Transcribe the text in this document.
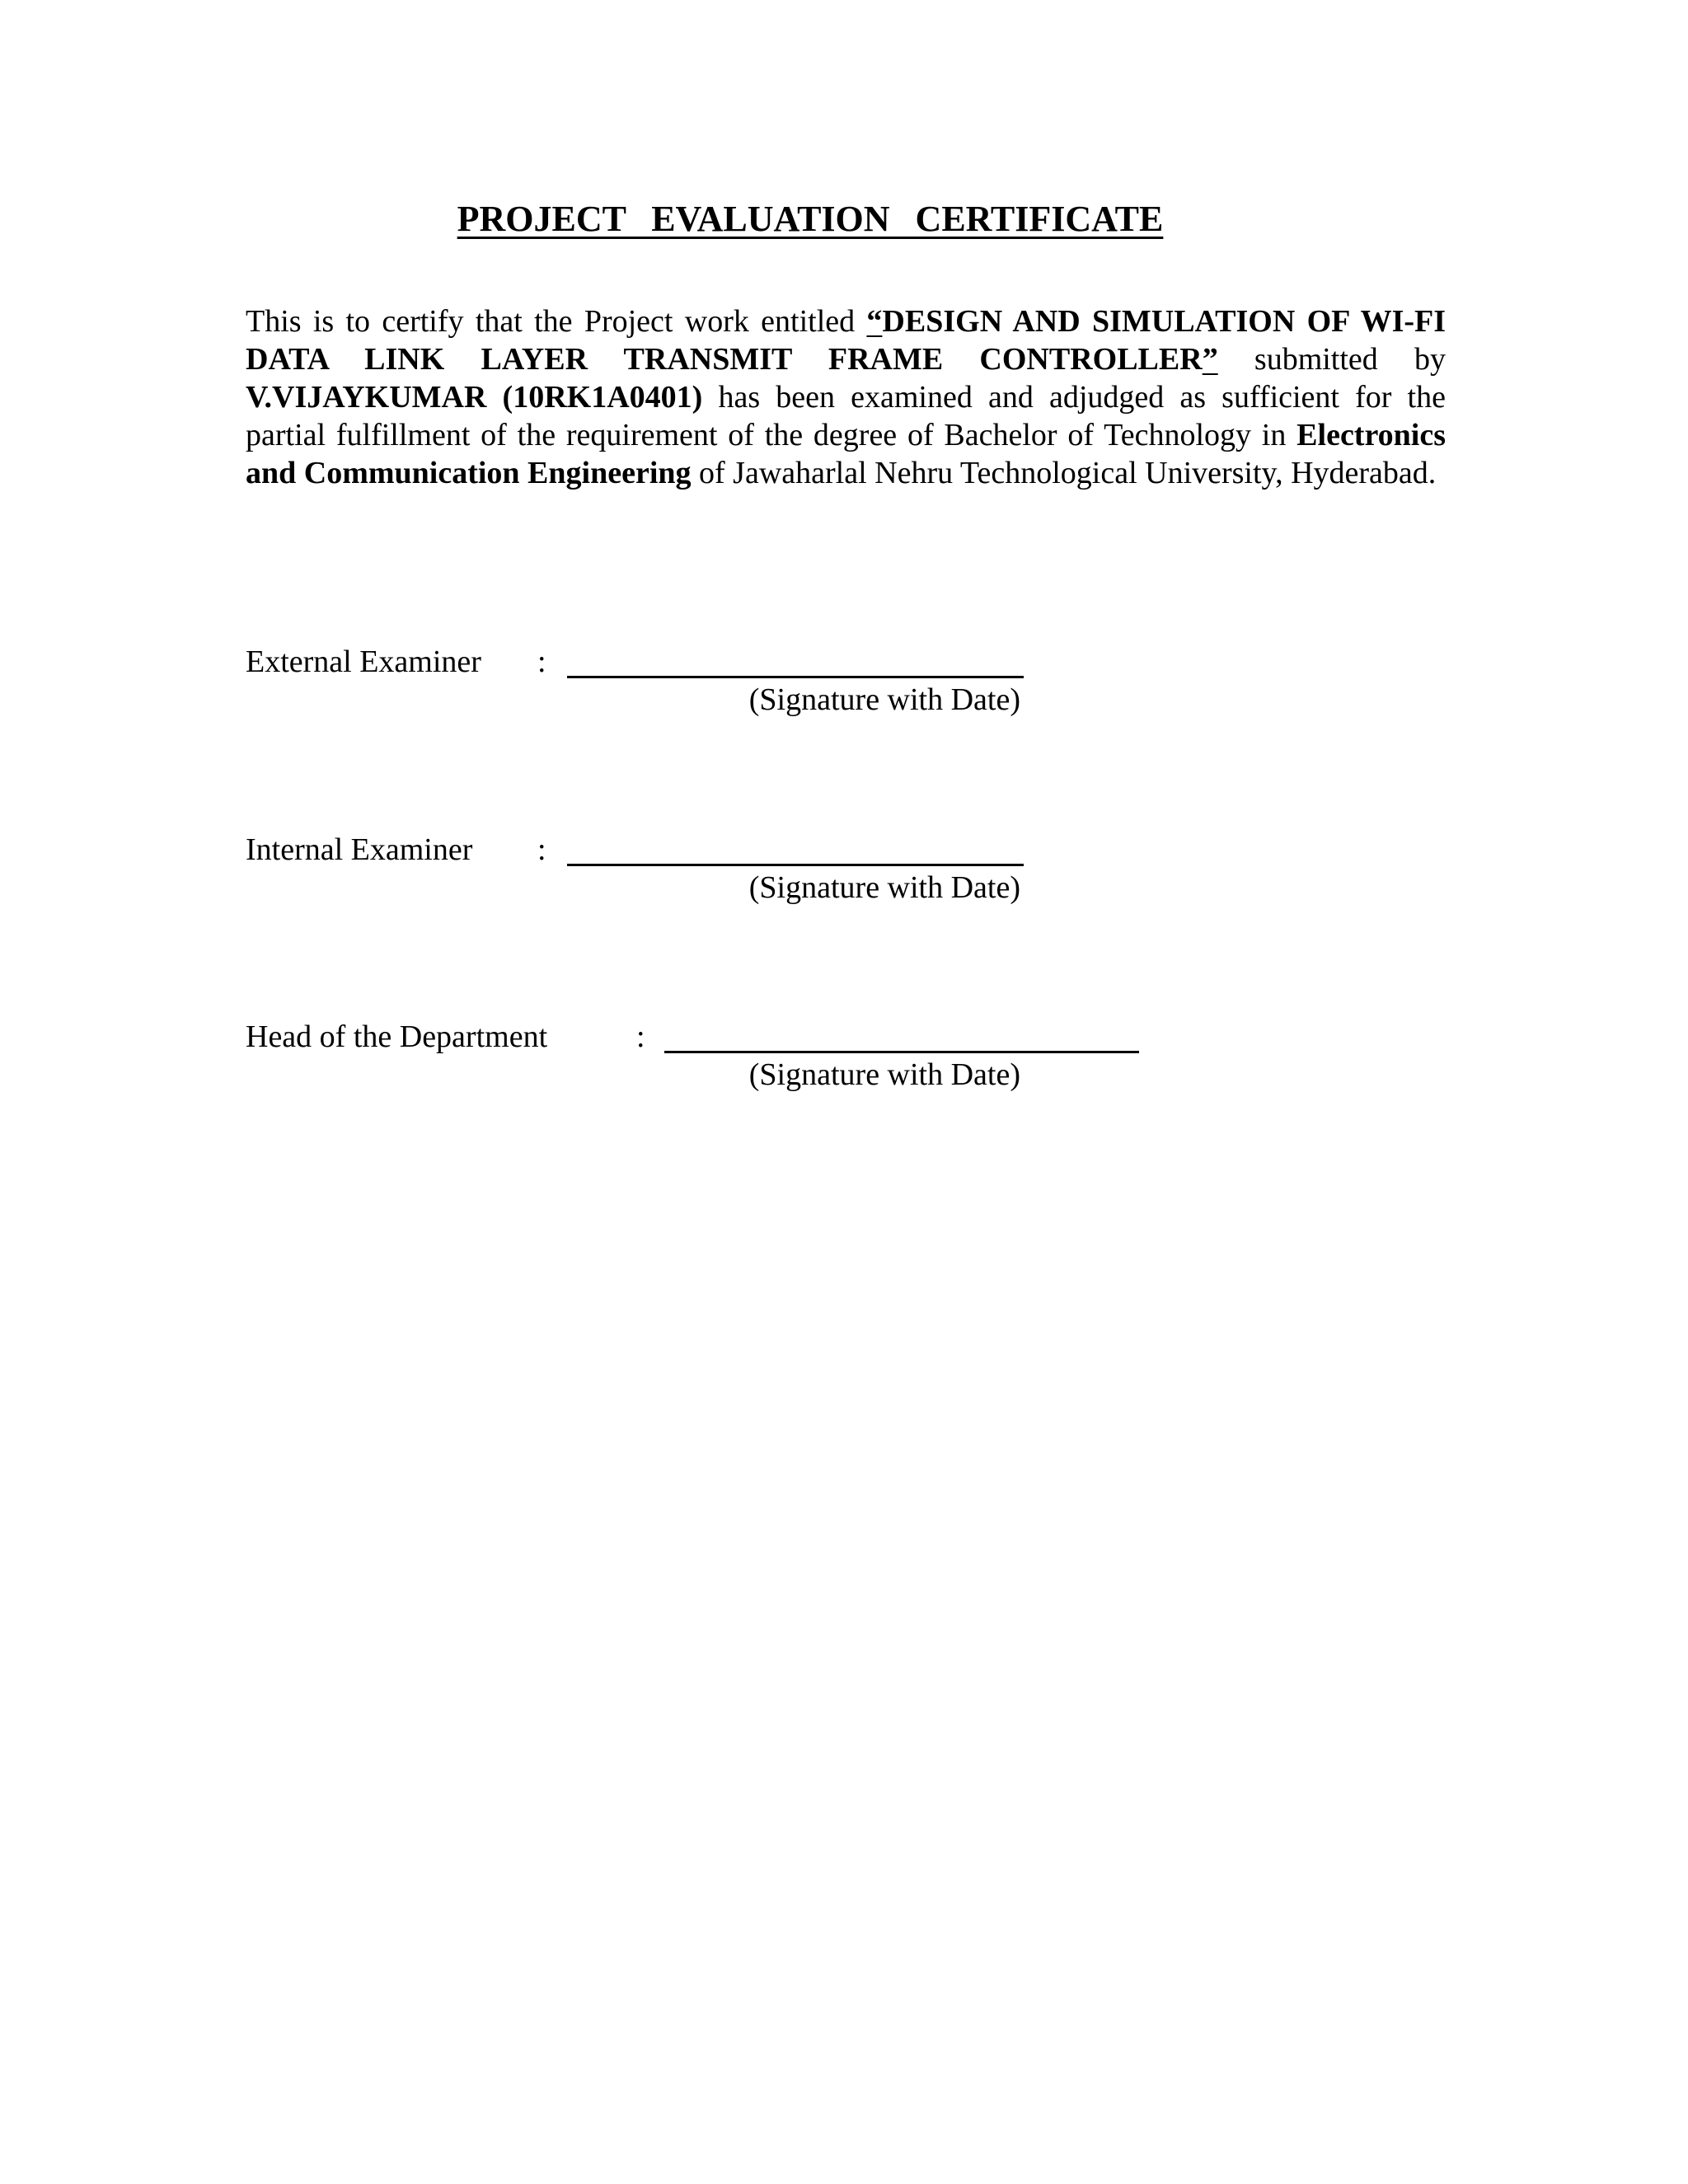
PROJECT EVALUATION CERTIFICATE
This is to certify that the Project work entitled “DESIGN AND SIMULATION OF WI-FI DATA LINK LAYER TRANSMIT FRAME CONTROLLER” submitted by V.VIJAYKUMAR (10RK1A0401) has been examined and adjudged as sufficient for the partial fulfillment of the requirement of the degree of Bachelor of Technology in Electronics and Communication Engineering of Jawaharlal Nehru Technological University, Hyderabad.
External Examiner :
(Signature with Date)
Internal Examiner :
(Signature with Date)
Head of the Department	:
(Signature with Date)
